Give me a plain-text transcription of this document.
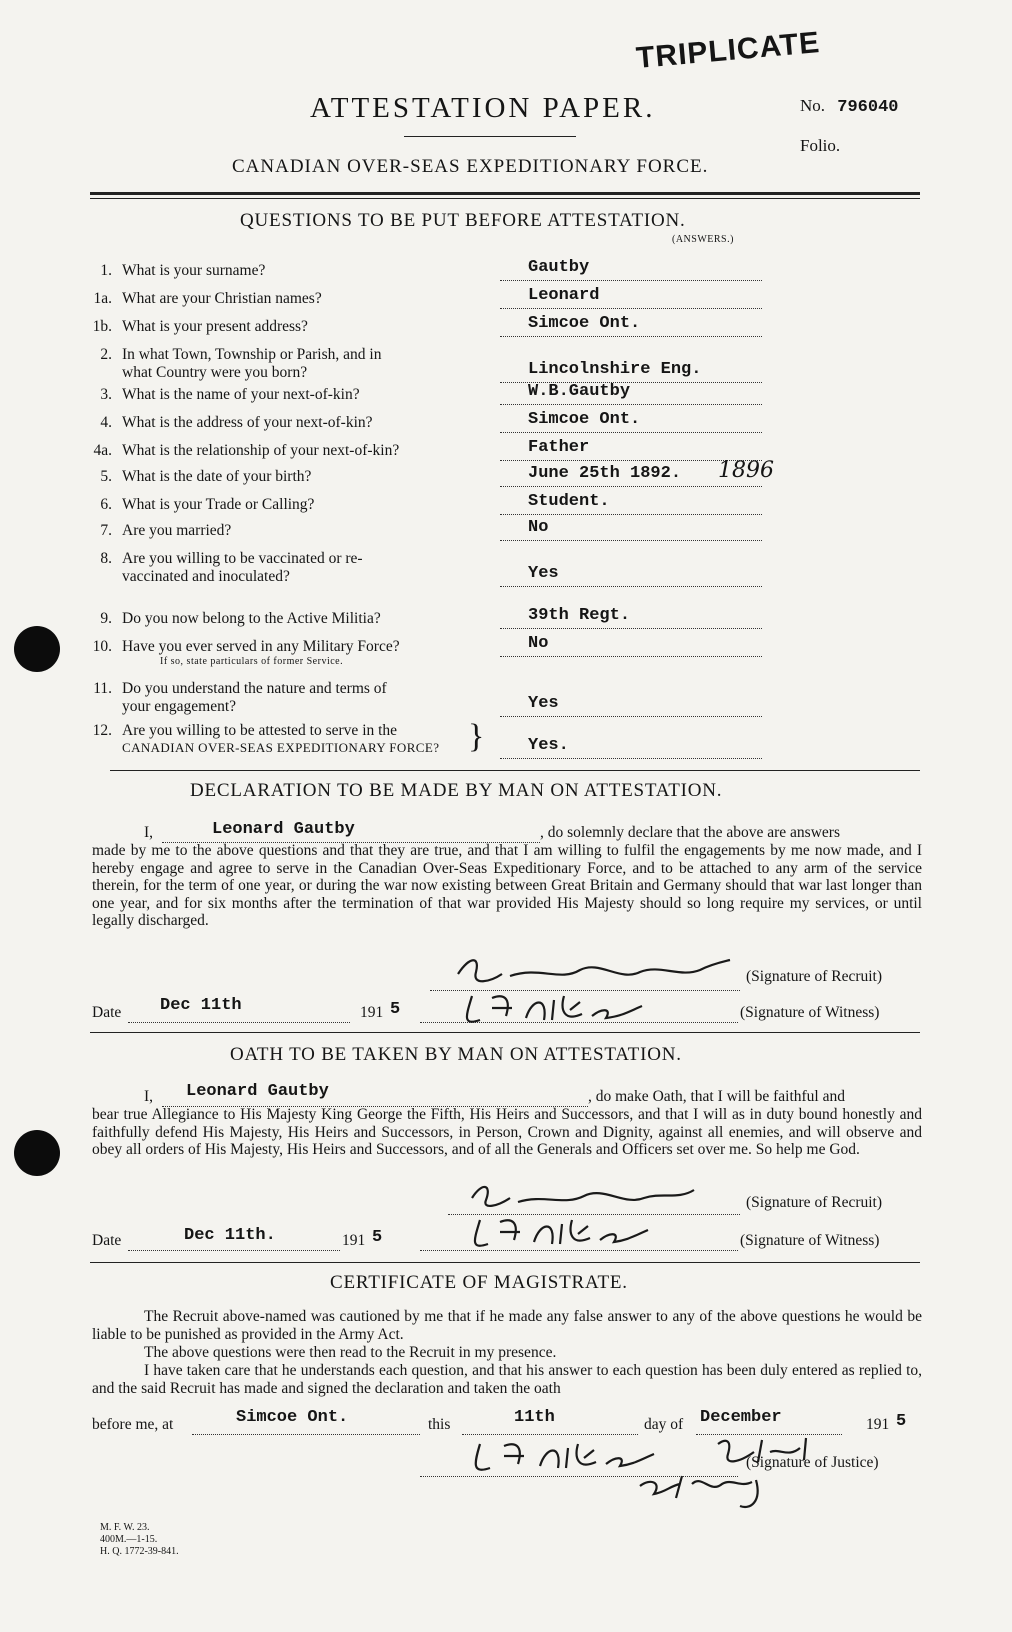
TRIPLICATE
ATTESTATION PAPER.	No. 796040
Folio.
CANADIAN OVER-SEAS EXPEDITIONARY FORCE.
QUESTIONS TO BE PUT BEFORE ATTESTATION.
(ANSWERS.)
1. What is your surname?	Gautby
1a. What are your Christian names?	Leonard
1b. What is your present address?	Simcoe Ont.
2. In what Town, Township or Parish, and in
what Country were you born?	Lincolnshire Eng.
3. What is the name of your next-of-kin?	W.B.Gautby
4. What is the address of your next-of-kin?	Simcoe Ont.
4a. What is the relationship of your next-of-kin?	Father
5. What is the date of your birth?	June 25th 1892. 1896
6. What is your Trade or Calling?	Student.
7. Are you married?	No
8. Are you willing to be vaccinated or re-
vaccinated and inoculated?	Yes
9. Do you now belong to the Active Militia?	39th Regt.
10. Have you ever served in any Military Force?
If so, state particulars of former Service.
No
11. Do you understand the nature and terms of
your engagement?	Yes
12. Are you willing to be attested to serve in the
CANADIAN OVER-SEAS EXPEDITIONARY FORCE?	Yes.
}
DECLARATION TO BE MADE BY MAN ON ATTESTATION.
I,	Leonard Gautby	, do solemnly declare that the above are answers
made by me to the above questions and that they are true, and that I am willing to fulfil the engagements by me now made, and I hereby engage and agree to serve in the Canadian Over-Seas Expeditionary Force, and to be attached to any arm of the service therein, for the term of one year, or during the war now existing between Great Britain and Germany should that war last longer than one year, and for six months after the termination of that war provided His Majesty should so long require my services, or until legally discharged.
(Signature of Recruit)
Date Dec 11th	191 5	(Signature of Witness)
OATH TO BE TAKEN BY MAN ON ATTESTATION.
I, Leonard Gautby	, do make Oath, that I will be faithful and
bear true Allegiance to His Majesty King George the Fifth, His Heirs and Successors, and that I will as in duty bound honestly and faithfully defend His Majesty, His Heirs and Successors, in Person, Crown and Dignity, against all enemies, and will observe and obey all orders of His Majesty, His Heirs and Successors, and of all the Generals and Officers set over me. So help me God.
(Signature of Recruit)
Date	Dec 11th.	191 5	(Signature of Witness)
CERTIFICATE OF MAGISTRATE.
The Recruit above-named was cautioned by me that if he made any false answer to any of the above questions he would be liable to be punished as provided in the Army Act.
The above questions were then read to the Recruit in my presence.
I have taken care that he understands each question, and that his answer to each question has been duly entered as replied to, and the said Recruit has made and signed the declaration and taken the oath
before me, at	Simcoe Ont.	this	11th	day of December	191 5
(Signature of Justice)
M. F. W. 23.
400M.—1-15.
H. Q. 1772-39-841.
